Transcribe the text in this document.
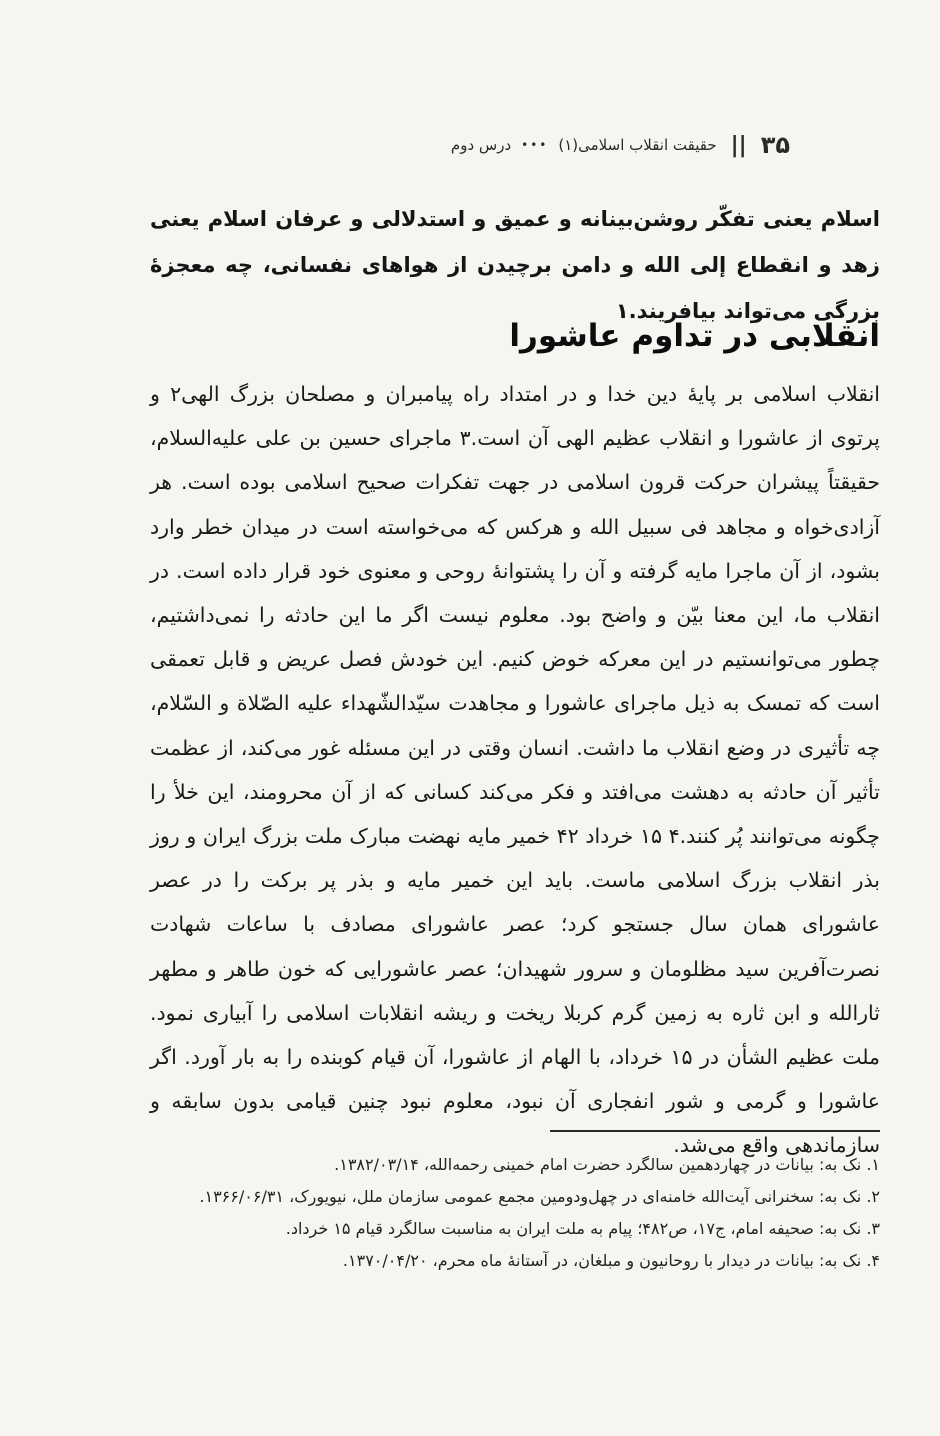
۳۵
||
حقیقت انقلاب اسلامی(۱)
•••
درس دوم

اسلام یعنی تفکّر روشن‌بینانه و عمیق و استدلالی و عرفان اسلام یعنی زهد و انقطاع إلی الله و دامن برچیدن از هواهای نفسانی، چه معجزهٔ بزرگی می‌تواند بیافریند.۱

انقلابی در تداوم عاشورا

انقلاب اسلامی بر پایهٔ دین خدا و در امتداد راه پیامبران و مصلحان بزرگ الهی۲ و پرتوی از عاشورا و انقلاب عظیم الهی آن است.۳ ماجرای حسین بن علی علیه‌السلام، حقیقتاً پیشران حرکت قرون اسلامی در جهت تفکرات صحیح اسلامی بوده است. هر آزادی‌خواه و مجاهد فی سبیل الله و هرکس که می‌خواسته است در میدان خطر وارد بشود، از آن ماجرا مایه گرفته و آن را پشتوانهٔ روحی و معنوی خود قرار داده است. در انقلاب ما، این معنا بیّن و واضح بود. معلوم نیست اگر ما این حادثه را نمی‌داشتیم، چطور می‌توانستیم در این معرکه خوض کنیم. این خودش فصل عریض و قابل تعمقی است که تمسک به ذیل ماجرای عاشورا و مجاهدت سیّدالشّهداء علیه الصّلاة و السّلام، چه تأثیری در وضع انقلاب ما داشت. انسان وقتی در این مسئله غور می‌کند، از عظمت تأثیر آن حادثه به دهشت می‌افتد و فکر می‌کند کسانی که از آن محرومند، این خلأ را چگونه می‌توانند پُر کنند.۴ ۱۵ خرداد ۴۲ خمیر مایه نهضت مبارک ملت بزرگ ایران و روز بذر انقلاب بزرگ اسلامی ماست. باید این خمیر مایه و بذر پر برکت را در عصر عاشورای همان سال جستجو کرد؛ عصر عاشورای مصادف با ساعات شهادت نصرت‌آفرین سید مظلومان و سرور شهیدان؛ عصر عاشورایی که خون طاهر و مطهر ثارالله و ابن ثاره به زمین گرم کربلا ریخت و ریشه انقلابات اسلامی را آبیاری نمود. ملت عظیم الشأن در ۱۵ خرداد، با الهام از عاشورا، آن قیام کوبنده را به بار آورد. اگر عاشورا و گرمی و شور انفجاری آن نبود، معلوم نبود چنین قیامی بدون سابقه و سازماندهی واقع می‌شد.

۱. نک به: بیانات در چهاردهمین سالگرد حضرت امام خمینی رحمه‌الله، ۱۳۸۲/۰۳/۱۴.
۲. نک به: سخنرانی آیت‌الله خامنه‌ای در چهل‌ودومین مجمع عمومی سازمان ملل، نیویورک، ۱۳۶۶/۰۶/۳۱.
۳. نک به: صحیفه امام، ج۱۷، ص۴۸۲؛ پیام به ملت ایران به مناسبت سالگرد قیام ۱۵ خرداد.
۴. نک به: بیانات در دیدار با روحانیون و مبلغان، در آستانهٔ ماه محرم، ۱۳۷۰/۰۴/۲۰.
